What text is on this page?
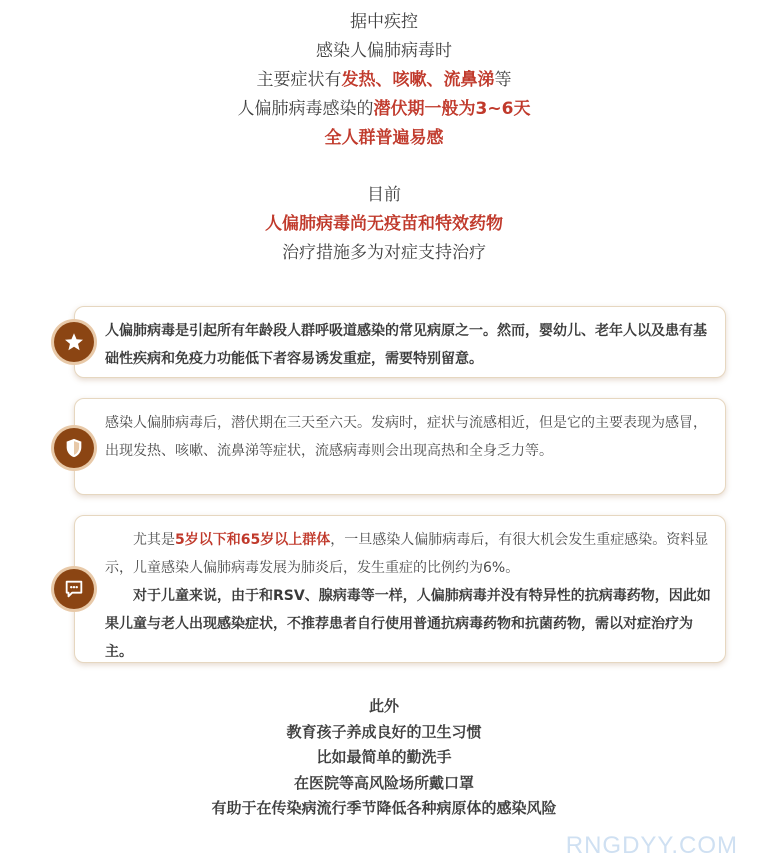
据中疾控
感染人偏肺病毒时
主要症状有发热、咳嗽、流鼻涕等
人偏肺病毒感染的潜伏期一般为3~6天
全人群普遍易感
目前
人偏肺病毒尚无疫苗和特效药物
治疗措施多为对症支持治疗

人偏肺病毒是引起所有年龄段人群呼吸道感染的常见病原之一。然而，婴幼儿、老年人以及患有基础性疾病和免疫力功能低下者容易诱发重症，需要特别留意。

感染人偏肺病毒后，潜伏期在三天至六天。发病时，症状与流感相近，但是它的主要表现为感冒，出现发热、咳嗽、流鼻涕等症状，流感病毒则会出现高热和全身乏力等。

尤其是5岁以下和65岁以上群体，一旦感染人偏肺病毒后，有很大机会发生重症感染。资料显示，儿童感染人偏肺病毒发展为肺炎后，发生重症的比例约为6%。

对于儿童来说，由于和RSV、腺病毒等一样，人偏肺病毒并没有特异性的抗病毒药物，因此如果儿童与老人出现感染症状，不推荐患者自行使用普通抗病毒药物和抗菌药物，需以对症治疗为主。

此外
教育孩子养成良好的卫生习惯
比如最简单的勤洗手
在医院等高风险场所戴口罩
有助于在传染病流行季节降低各种病原体的感染风险
RNGDYY.COM
